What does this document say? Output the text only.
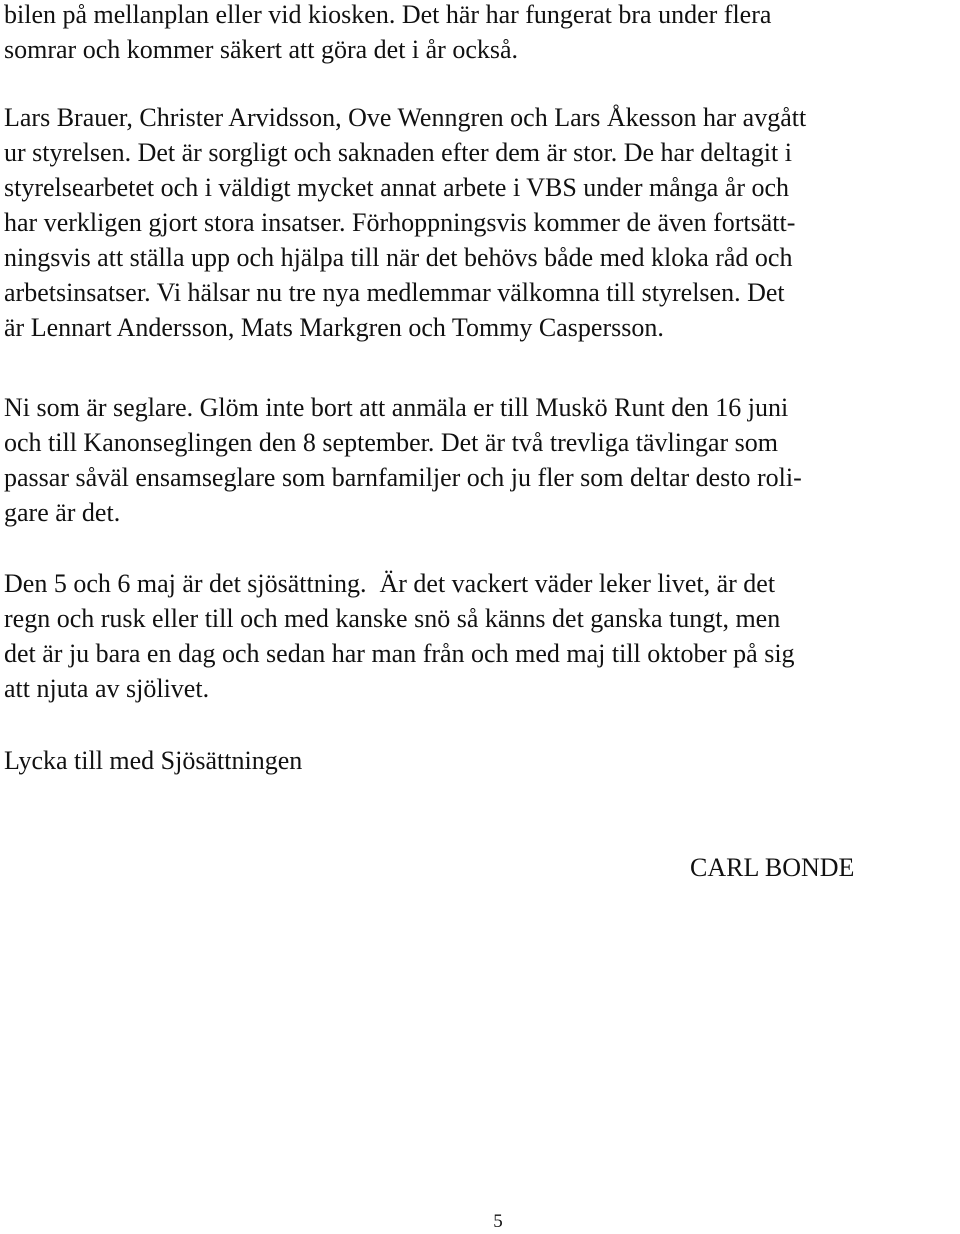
bilen på mellanplan eller vid kiosken. Det här har fungerat bra under flera
somrar och kommer säkert att göra det i år också.
Lars Brauer, Christer Arvidsson, Ove Wenngren och Lars Åkesson har avgått
ur styrelsen. Det är sorgligt och saknaden efter dem är stor. De har deltagit i
styrelsearbetet och i väldigt mycket annat arbete i VBS under många år och
har verkligen gjort stora insatser. Förhoppningsvis kommer de även fortsätt-
ningsvis att ställa upp och hjälpa till när det behövs både med kloka råd och
arbetsinsatser. Vi hälsar nu tre nya medlemmar välkomna till styrelsen. Det
är Lennart Andersson, Mats Markgren och Tommy Caspersson.
Ni som är seglare. Glöm inte bort att anmäla er till Muskö Runt den 16 juni
och till Kanonseglingen den 8 september. Det är två trevliga tävlingar som
passar såväl ensamseglare som barnfamiljer och ju fler som deltar desto roli-
gare är det.
Den 5 och 6 maj är det sjösättning.  Är det vackert väder leker livet, är det
regn och rusk eller till och med kanske snö så känns det ganska tungt, men
det är ju bara en dag och sedan har man från och med maj till oktober på sig
att njuta av sjölivet.
Lycka till med Sjösättningen
CARL BONDE
5
